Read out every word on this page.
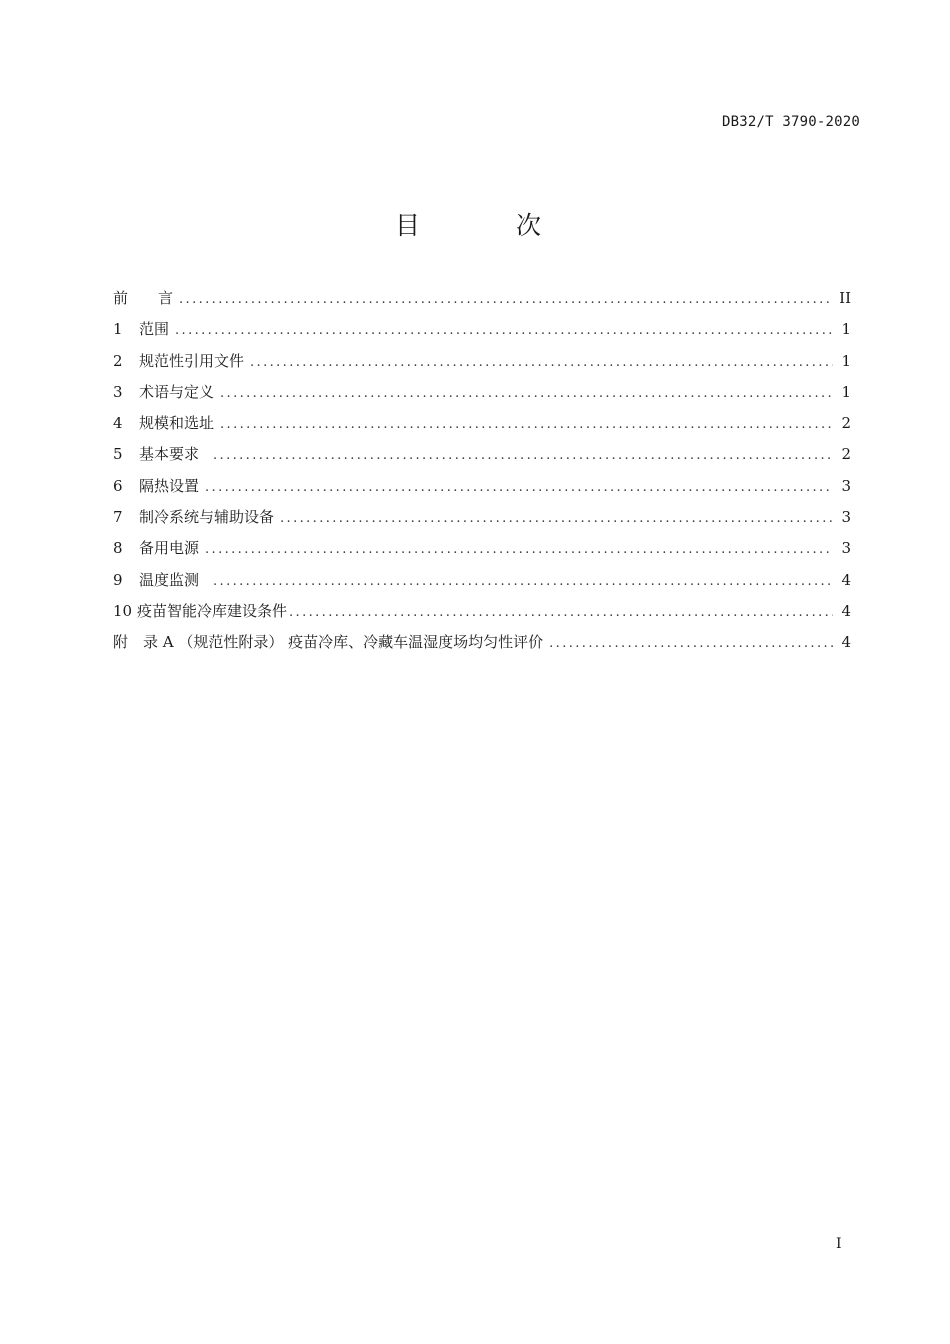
DB32/T 3790-2020
目 次
前　　言 .....	II
1	范围 .....	1
2	规范性引用文件 .....	1
3	术语与定义 .....	1
4	规模和选址 .....	2
5	基本要求 .....	2
6	隔热设置 .....	3
7	制冷系统与辅助设备 .....	3
8	备用电源 .....	3
9	温度监测 .....	4
10 疫苗智能冷库建设条件 .....	4
附　录 A （规范性附录） 疫苗冷库、冷藏车温湿度场均匀性评价 .....	4
I
